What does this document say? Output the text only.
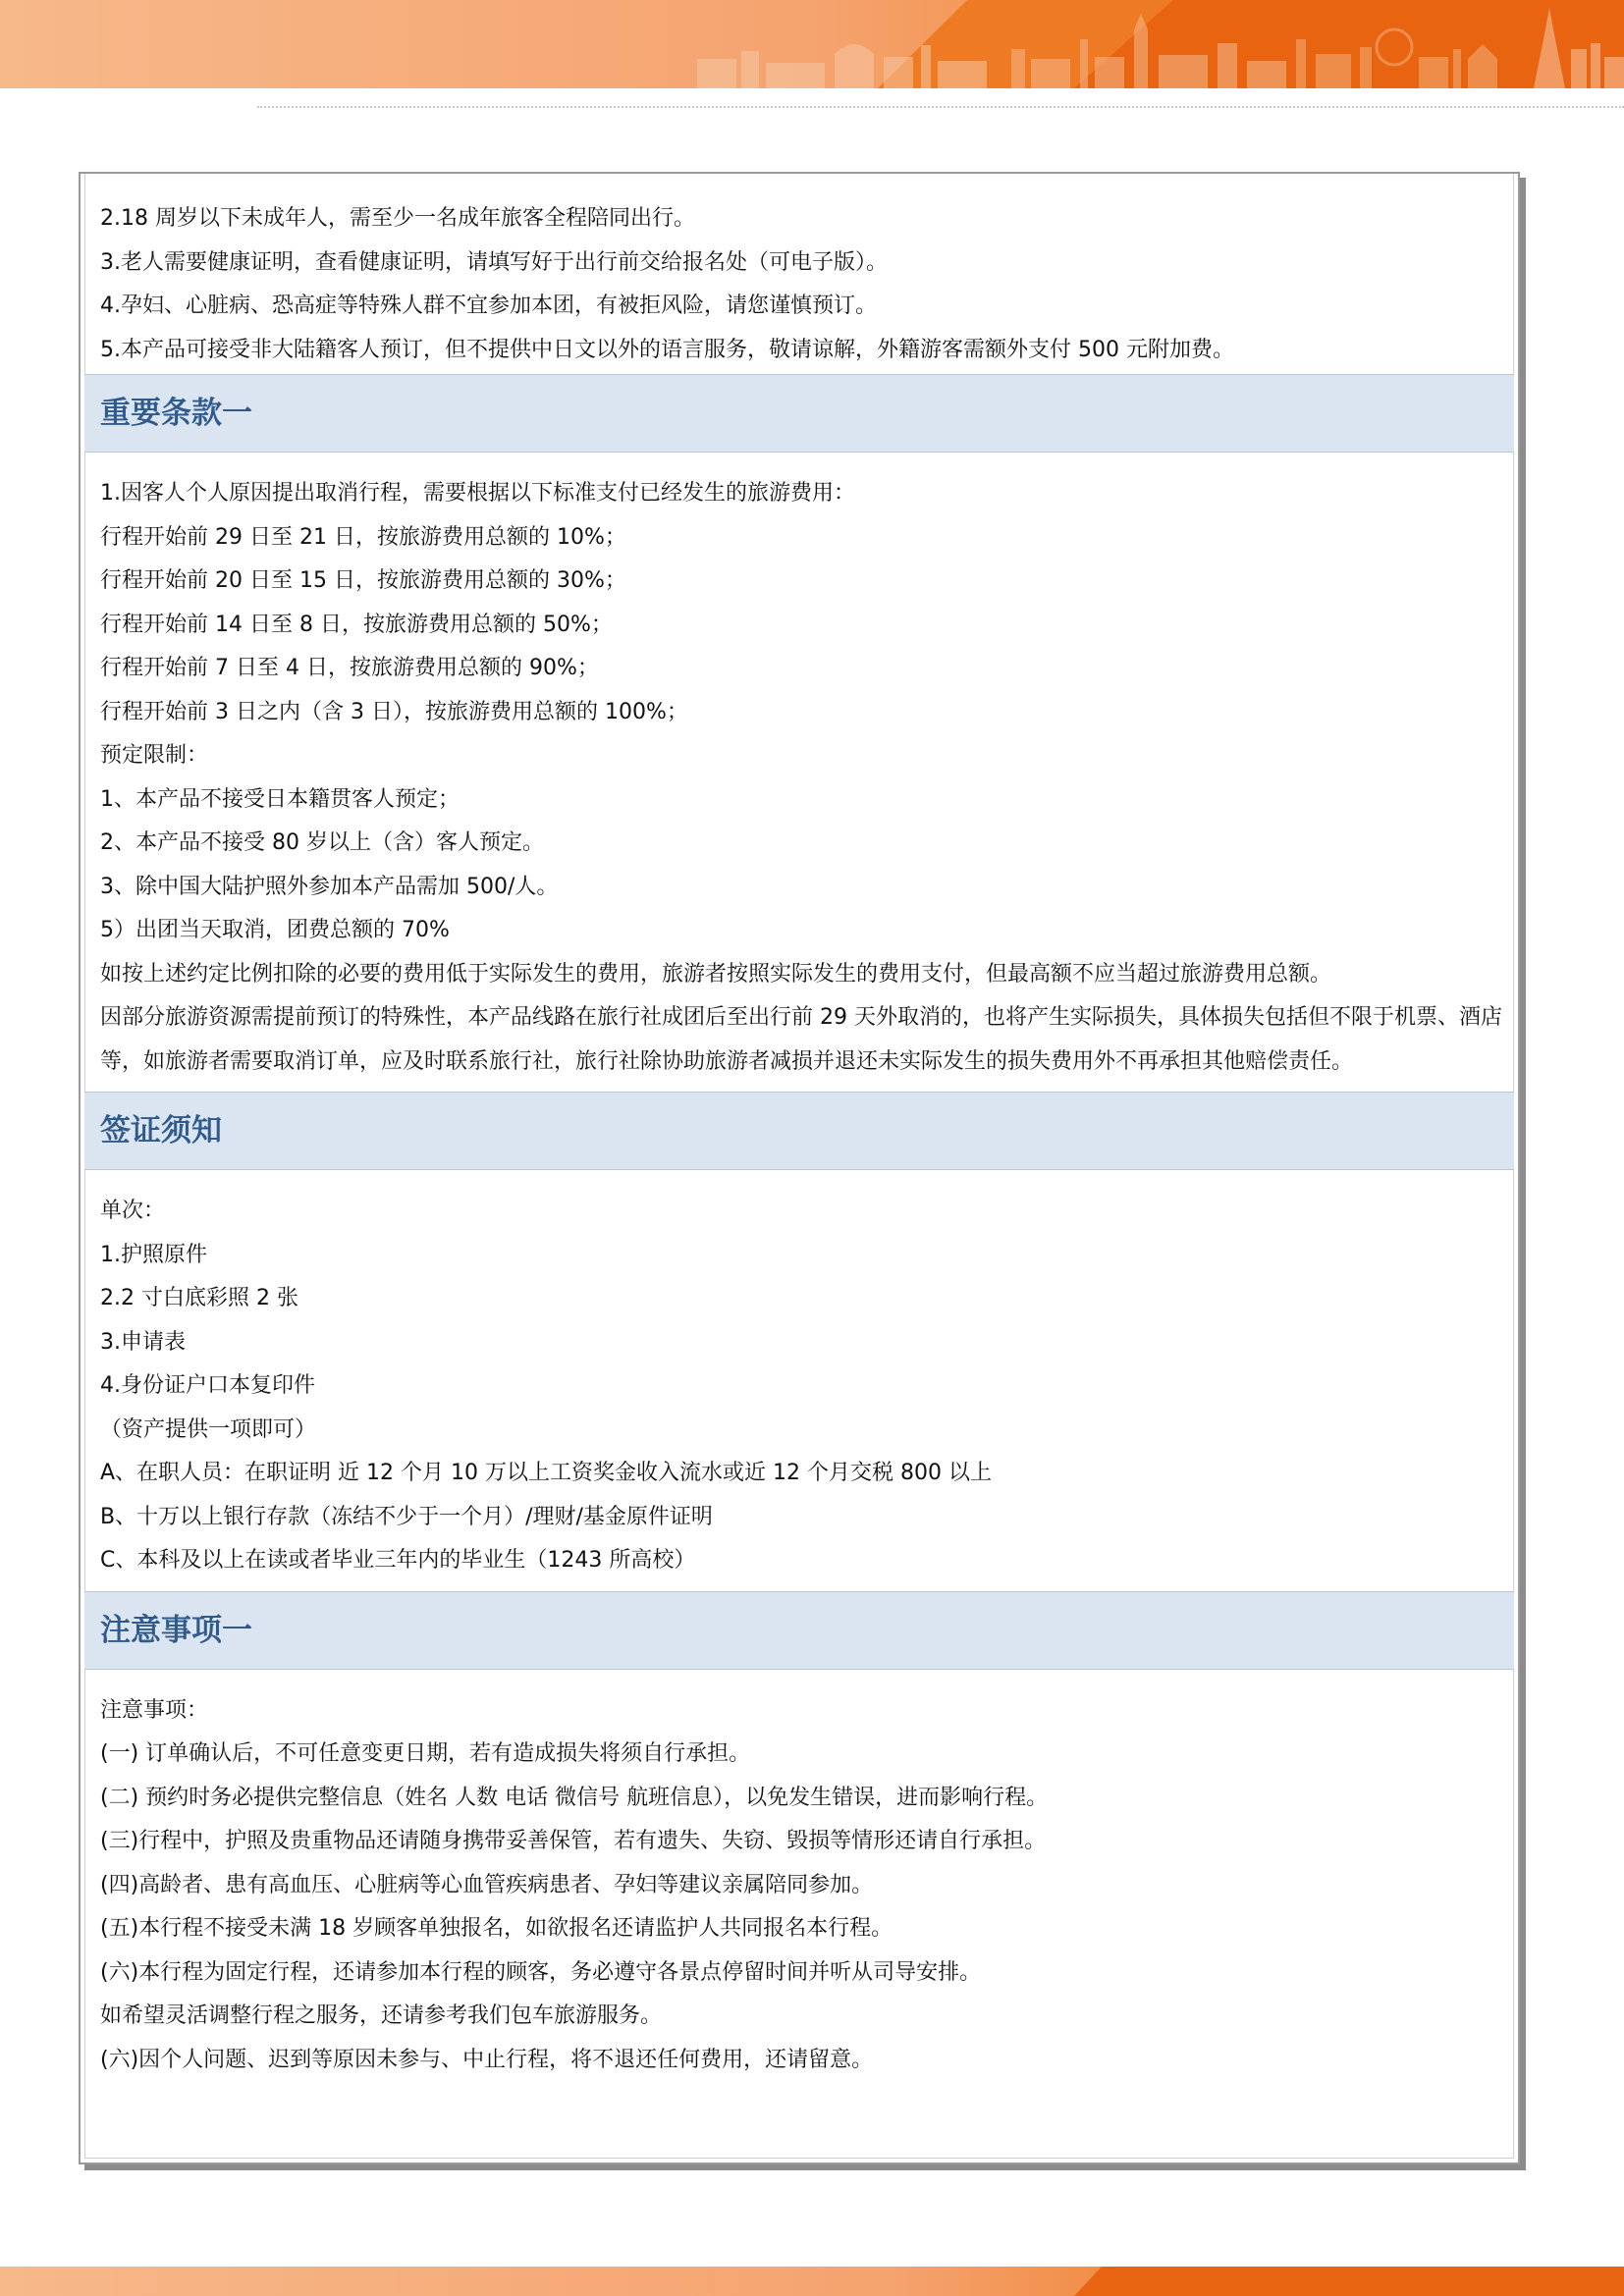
2.18 周岁以下未成年人，需至少一名成年旅客全程陪同出行。
3.老人需要健康证明，查看健康证明，请填写好于出行前交给报名处（可电子版）。
4.孕妇、心脏病、恐高症等特殊人群不宜参加本团，有被拒风险，请您谨慎预订。
5.本产品可接受非大陆籍客人预订，但不提供中日文以外的语言服务，敬请谅解，外籍游客需额外支付 500 元附加费。
重要条款一
1.因客人个人原因提出取消行程，需要根据以下标准支付已经发生的旅游费用：
行程开始前 29 日至 21 日，按旅游费用总额的 10%；
行程开始前 20 日至 15 日，按旅游费用总额的 30%；
行程开始前 14 日至 8 日，按旅游费用总额的 50%；
行程开始前 7 日至 4 日，按旅游费用总额的 90%；
行程开始前 3 日之内（含 3 日），按旅游费用总额的 100%；
预定限制：
1、本产品不接受日本籍贯客人预定；
2、本产品不接受 80 岁以上（含）客人预定。
3、除中国大陆护照外参加本产品需加 500/人。
5）出团当天取消，团费总额的 70%
如按上述约定比例扣除的必要的费用低于实际发生的费用，旅游者按照实际发生的费用支付，但最高额不应当超过旅游费用总额。
因部分旅游资源需提前预订的特殊性，本产品线路在旅行社成团后至出行前 29 天外取消的，也将产生实际损失，具体损失包括但不限于机票、酒店等，如旅游者需要取消订单，应及时联系旅行社，旅行社除协助旅游者减损并退还未实际发生的损失费用外不再承担其他赔偿责任。
签证须知
单次：
1.护照原件
2.2 寸白底彩照 2 张
3.申请表
4.身份证户口本复印件
（资产提供一项即可）
A、在职人员：在职证明 近 12 个月 10 万以上工资奖金收入流水或近 12 个月交税 800 以上
B、十万以上银行存款（冻结不少于一个月）/理财/基金原件证明
C、本科及以上在读或者毕业三年内的毕业生（1243 所高校）
注意事项一
注意事项：
(一) 订单确认后，不可任意变更日期，若有造成损失将须自行承担。
(二) 预约时务必提供完整信息（姓名 人数 电话 微信号 航班信息），以免发生错误，进而影响行程。
(三)行程中，护照及贵重物品还请随身携带妥善保管，若有遗失、失窃、毁损等情形还请自行承担。
(四)高龄者、患有高血压、心脏病等心血管疾病患者、孕妇等建议亲属陪同参加。
(五)本行程不接受未满 18 岁顾客单独报名，如欲报名还请监护人共同报名本行程。
(六)本行程为固定行程，还请参加本行程的顾客，务必遵守各景点停留时间并听从司导安排。
如希望灵活调整行程之服务，还请参考我们包车旅游服务。
(六)因个人问题、迟到等原因未参与、中止行程，将不退还任何费用，还请留意。
